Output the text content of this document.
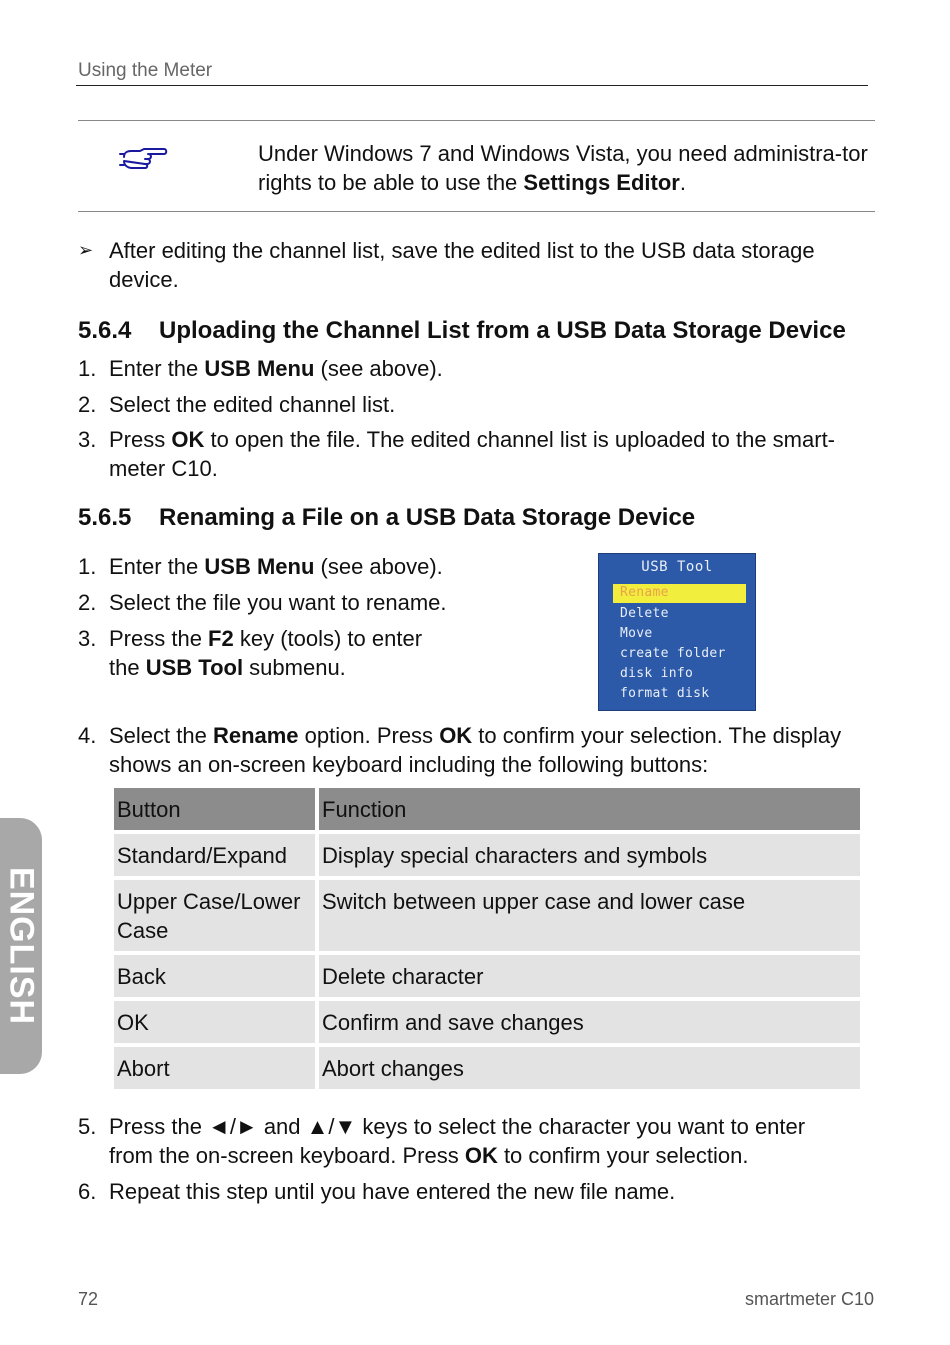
Using the Meter
Under Windows 7 and Windows Vista, you need administra-tor rights to be able to use the Settings Editor.
➢ After editing the channel list, save the edited list to the USB data storage device.
5.6.4 Uploading the Channel List from a USB Data Storage Device
1. Enter the USB Menu (see above).
2. Select the edited channel list.
3. Press OK to open the file. The edited channel list is uploaded to the smart-meter C10.
5.6.5 Renaming a File on a USB Data Storage Device
1. Enter the USB Menu (see above).
2. Select the file you want to rename.
3. Press the F2 key (tools) to enter
the USB Tool submenu.
USB Tool
Rename
Delete
Move
create folder
disk info
format disk
4. Select the Rename option. Press OK to confirm your selection. The display shows an on-screen keyboard including the following buttons:
Button	Function
Standard/Expand	Display special characters and symbols
Upper Case/Lower Case	Switch between upper case and lower case
Back	Delete character
OK	Confirm and save changes
Abort	Abort changes
5. Press the ◄/► and ▲/▼ keys to select the character you want to enter from the on-screen keyboard. Press OK to confirm your selection.
6. Repeat this step until you have entered the new file name.
ENGLISH
72	smartmeter C10
